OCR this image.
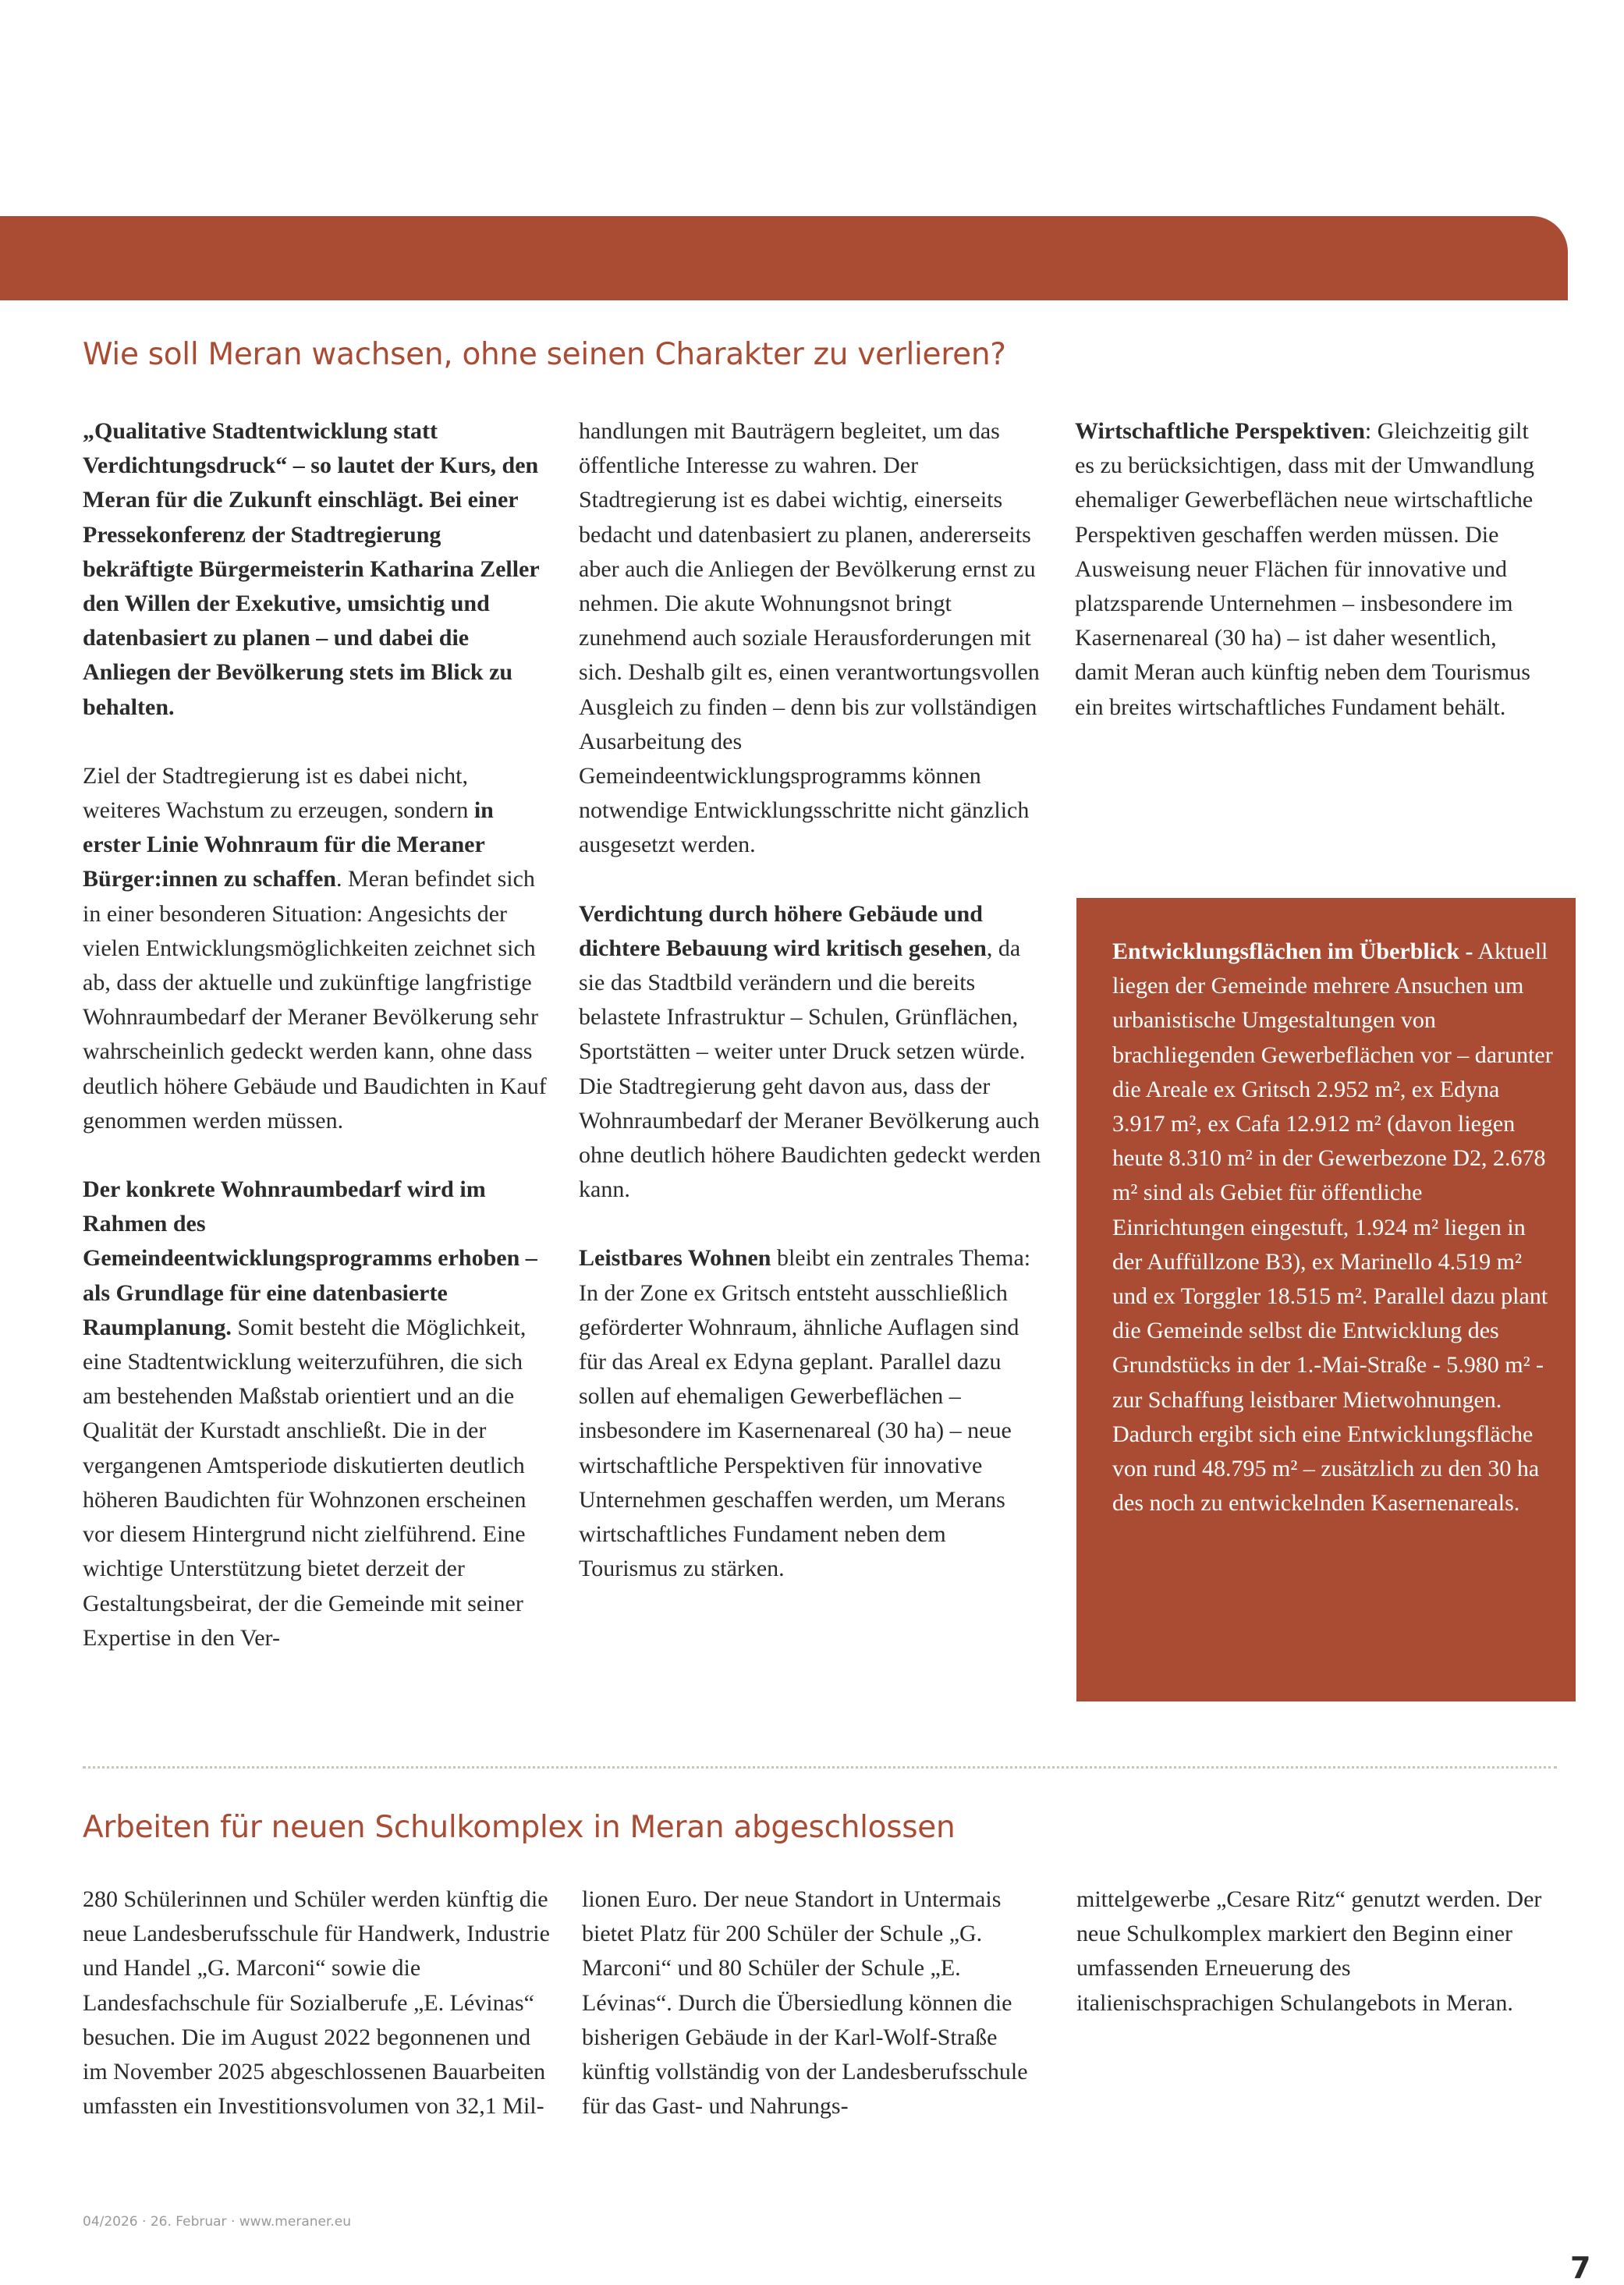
Wie soll Meran wachsen, ohne seinen Charakter zu verlieren?

„Qualitative Stadtentwicklung statt Verdichtungsdruck“ – so lautet der Kurs, den Meran für die Zukunft einschlägt. Bei einer Pressekonferenz der Stadtregierung bekräftigte Bürgermeisterin Katharina Zeller den Willen der Exekutive, umsichtig und datenbasiert zu planen – und dabei die Anliegen der Bevölkerung stets im Blick zu behalten.

Ziel der Stadtregierung ist es dabei nicht, weiteres Wachstum zu erzeugen, sondern in erster Linie Wohnraum für die Meraner Bürger:innen zu schaffen. Meran befindet sich in einer besonderen Situation: Angesichts der vielen Entwicklungsmöglichkeiten zeichnet sich ab, dass der aktuelle und zukünftige langfristige Wohnraumbedarf der Meraner Bevölkerung sehr wahrscheinlich gedeckt werden kann, ohne dass deutlich höhere Gebäude und Baudichten in Kauf genommen werden müssen.

Der konkrete Wohnraumbedarf wird im Rahmen des Gemeindeentwicklungsprogramms erhoben – als Grundlage für eine datenbasierte Raumplanung. Somit besteht die Möglichkeit, eine Stadtentwicklung weiterzuführen, die sich am bestehenden Maßstab orientiert und an die Qualität der Kurstadt anschließt. Die in der vergangenen Amtsperiode diskutierten deutlich höheren Baudichten für Wohnzonen erscheinen vor diesem Hintergrund nicht zielführend. Eine wichtige Unterstützung bietet derzeit der Gestaltungsbeirat, der die Gemeinde mit seiner Expertise in den Ver-

handlungen mit Bauträgern begleitet, um das öffentliche Interesse zu wahren. Der Stadtregierung ist es dabei wichtig, einerseits bedacht und datenbasiert zu planen, andererseits aber auch die Anliegen der Bevölkerung ernst zu nehmen. Die akute Wohnungsnot bringt zunehmend auch soziale Herausforderungen mit sich. Deshalb gilt es, einen verantwortungsvollen Ausgleich zu finden – denn bis zur vollständigen Ausarbeitung des Gemeindeentwicklungsprogramms können notwendige Entwicklungsschritte nicht gänzlich ausgesetzt werden.

Verdichtung durch höhere Gebäude und dichtere Bebauung wird kritisch gesehen, da sie das Stadtbild verändern und die bereits belastete Infrastruktur – Schulen, Grünflächen, Sportstätten – weiter unter Druck setzen würde. Die Stadtregierung geht davon aus, dass der Wohnraumbedarf der Meraner Bevölkerung auch ohne deutlich höhere Baudichten gedeckt werden kann.

Leistbares Wohnen bleibt ein zentrales Thema: In der Zone ex Gritsch entsteht ausschließlich geförderter Wohnraum, ähnliche Auflagen sind für das Areal ex Edyna geplant. Parallel dazu sollen auf ehemaligen Gewerbeflächen – insbesondere im Kasernenareal (30 ha) – neue wirtschaftliche Perspektiven für innovative Unternehmen geschaffen werden, um Merans wirtschaftliches Fundament neben dem Tourismus zu stärken.

Wirtschaftliche Perspektiven: Gleichzeitig gilt es zu berücksichtigen, dass mit der Umwandlung ehemaliger Gewerbeflächen neue wirtschaftliche Perspektiven geschaffen werden müssen. Die Ausweisung neuer Flächen für innovative und platzsparende Unternehmen – insbesondere im Kasernenareal (30 ha) – ist daher wesentlich, damit Meran auch künftig neben dem Tourismus ein breites wirtschaftliches Fundament behält.

Entwicklungsflächen im Überblick - Aktuell liegen der Gemeinde mehrere Ansuchen um urbanistische Umgestaltungen von brachliegenden Gewerbeflächen vor – darunter die Areale ex Gritsch 2.952 m², ex Edyna 3.917 m², ex Cafa 12.912 m² (davon liegen heute 8.310 m² in der Gewerbezone D2, 2.678 m² sind als Gebiet für öffentliche Einrichtungen eingestuft, 1.924 m² liegen in der Auffüllzone B3), ex Marinello 4.519 m² und ex Torggler 18.515 m². Parallel dazu plant die Gemeinde selbst die Entwicklung des Grundstücks in der 1.-Mai-Straße - 5.980 m² - zur Schaffung leistbarer Mietwohnungen. Dadurch ergibt sich eine Entwicklungsfläche von rund 48.795 m² – zusätzlich zu den 30 ha des noch zu entwickelnden Kasernenareals.

Arbeiten für neuen Schulkomplex in Meran abgeschlossen

280 Schülerinnen und Schüler werden künftig die neue Landesberufsschule für Handwerk, Industrie und Handel „G. Marconi“ sowie die Landesfachschule für Sozialberufe „E. Lévinas“ besuchen. Die im August 2022 begonnenen und im November 2025 abgeschlossenen Bauarbeiten umfassten ein Investitionsvolumen von 32,1 Mil-

lionen Euro. Der neue Standort in Untermais bietet Platz für 200 Schüler der Schule „G. Marconi“ und 80 Schüler der Schule „E. Lévinas“. Durch die Übersiedlung können die bisherigen Gebäude in der Karl-Wolf-Straße künftig vollständig von der Landesberufsschule für das Gast- und Nahrungs-

mittelgewerbe „Cesare Ritz“ genutzt werden. Der neue Schulkomplex markiert den Beginn einer umfassenden Erneuerung des italienischsprachigen Schulangebots in Meran.

04/2026 · 26. Februar · www.meraner.eu

7
